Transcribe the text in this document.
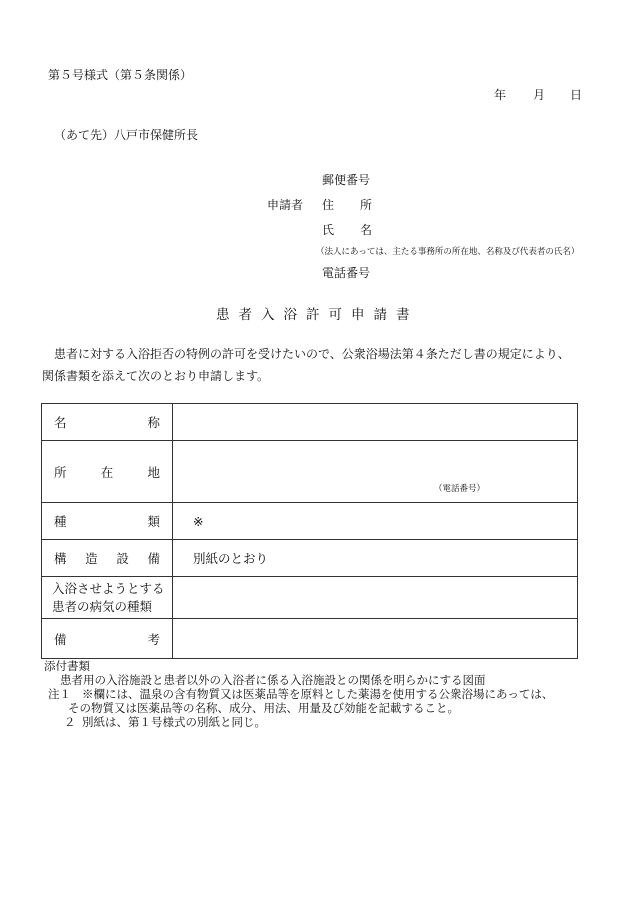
第５号様式（第５条関係）
年 月 日
（あて先）八戸市保健所長
郵便番号
申請者 住 所
氏 名
（法人にあっては、主たる事務所の所在地、名称及び代表者の氏名）
電話番号
患者入浴許可申請書
患者に対する入浴拒否の特例の許可を受けたいので、公衆浴場法第４条ただし書の規定により、
関係書類を添えて次のとおり申請します。
名 称	

所 在 地	（電話番号）

種 類	※

構 造 設 備	別紙のとおり

入浴させようとする
患者の病気の種類	

備 考	

添付書類
患者用の入浴施設と患者以外の入浴者に係る入浴施設との関係を明らかにする図面
注１ ※欄には、温泉の含有物質又は医薬品等を原料とした薬湯を使用する公衆浴場にあっては、
その物質又は医薬品等の名称、成分、用法、用量及び効能を記載すること。
２ 別紙は、第１号様式の別紙と同じ。
